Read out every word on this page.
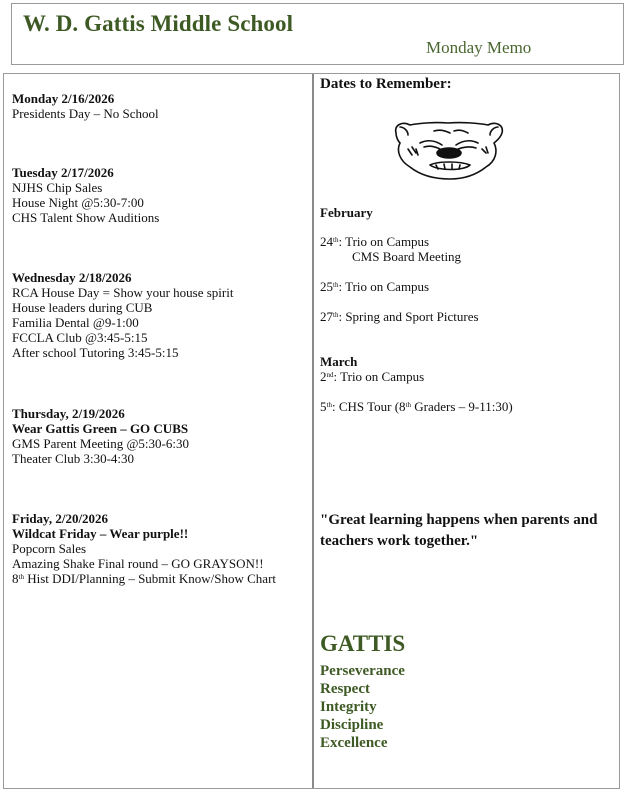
W. D. Gattis Middle School
Monday Memo
Monday 2/16/2026
Presidents Day – No School
Tuesday 2/17/2026
NJHS Chip Sales
House Night @5:30-7:00
CHS Talent Show Auditions
Wednesday 2/18/2026
RCA House Day = Show your house spirit
House leaders during CUB
Familia Dental @9-1:00
FCCLA Club @3:45-5:15
After school Tutoring 3:45-5:15
Thursday, 2/19/2026
Wear Gattis Green – GO CUBS
GMS Parent Meeting @5:30-6:30
Theater Club 3:30-4:30
Friday, 2/20/2026
Wildcat Friday – Wear purple!!
Popcorn Sales
Amazing Shake Final round – GO GRAYSON!!
8th Hist DDI/Planning – Submit Know/Show Chart
Dates to Remember:
February
24th: Trio on Campus
CMS Board Meeting
25th: Trio on Campus
27th: Spring and Sport Pictures
March
2nd: Trio on Campus
5th: CHS Tour (8th Graders – 9-11:30)
"Great learning happens when parents and teachers work together."
GATTIS
Perseverance
Respect
Integrity
Discipline
Excellence
